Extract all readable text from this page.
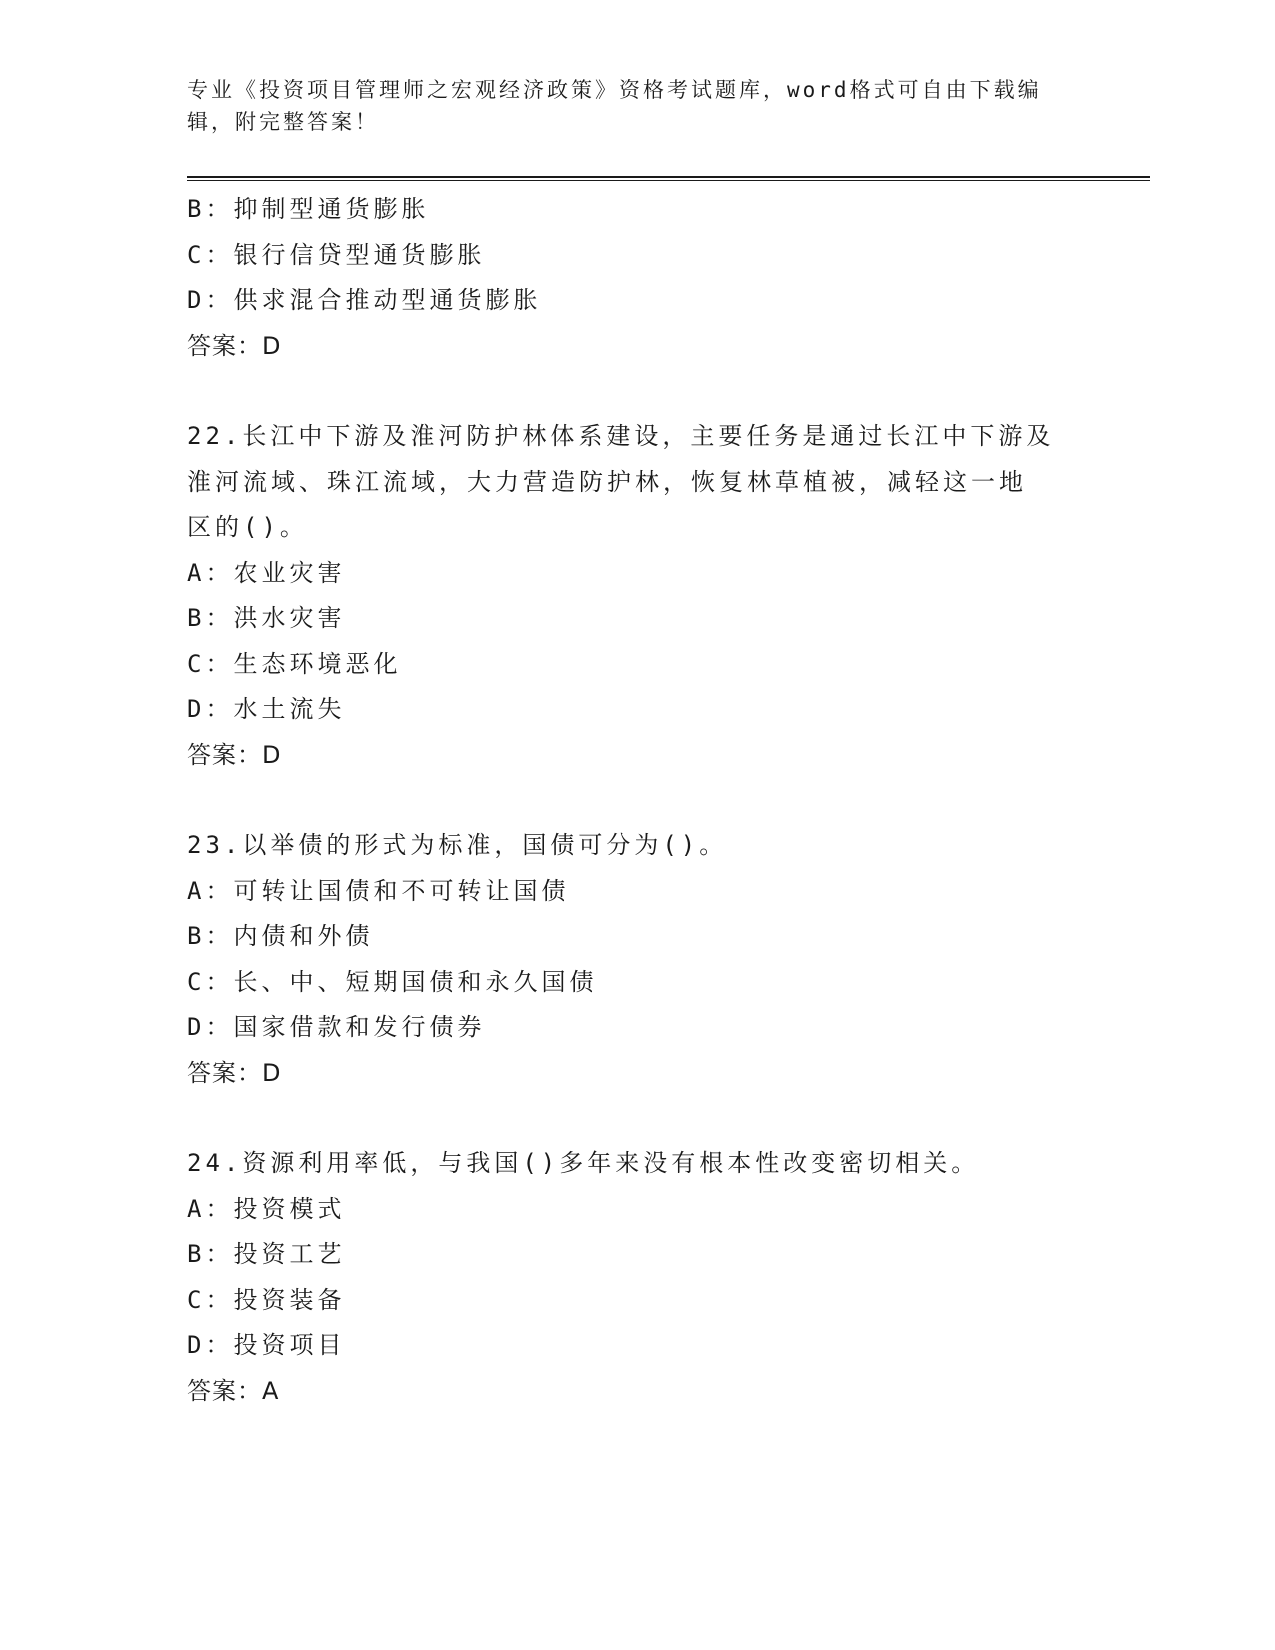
专业《投资项目管理师之宏观经济政策》资格考试题库，word格式可自由下载编辑，附完整答案！
B：抑制型通货膨胀
C：银行信贷型通货膨胀
D：供求混合推动型通货膨胀
答案：D
22.长江中下游及淮河防护林体系建设，主要任务是通过长江中下游及
淮河流域、珠江流域，大力营造防护林，恢复林草植被，减轻这一地
区的()。
A：农业灾害
B：洪水灾害
C：生态环境恶化
D：水土流失
答案：D
23.以举债的形式为标准，国债可分为()。
A：可转让国债和不可转让国债
B：内债和外债
C：长、中、短期国债和永久国债
D：国家借款和发行债券
答案：D
24.资源利用率低，与我国()多年来没有根本性改变密切相关。
A：投资模式
B：投资工艺
C：投资装备
D：投资项目
答案：A
